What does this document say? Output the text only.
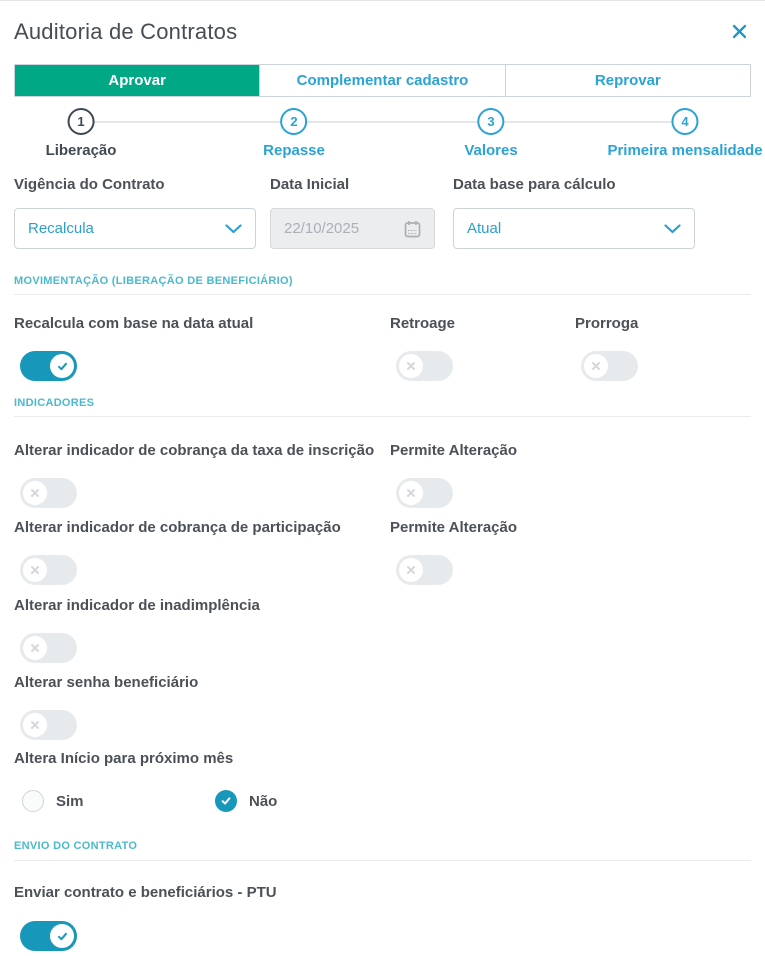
Auditoria de Contratos
Aprovar	Complementar cadastro	Reprovar
1
Liberação
2
Repasse
3
Valores
4
Primeira mensalidade
Vigência do Contrato
Recalcula
Data Inicial
22/10/2025
Data base para cálculo
Atual
MOVIMENTAÇÃO (LIBERAÇÃO DE BENEFICIÁRIO)
Recalcula com base na data atual	Retroage	Prorroga
INDICADORES
Alterar indicador de cobrança da taxa de inscrição	Permite Alteração
Alterar indicador de cobrança de participação	Permite Alteração
Alterar indicador de inadimplência
Alterar senha beneficiário
Altera Início para próximo mês
Sim	Não
ENVIO DO CONTRATO
Enviar contrato e beneficiários - PTU
